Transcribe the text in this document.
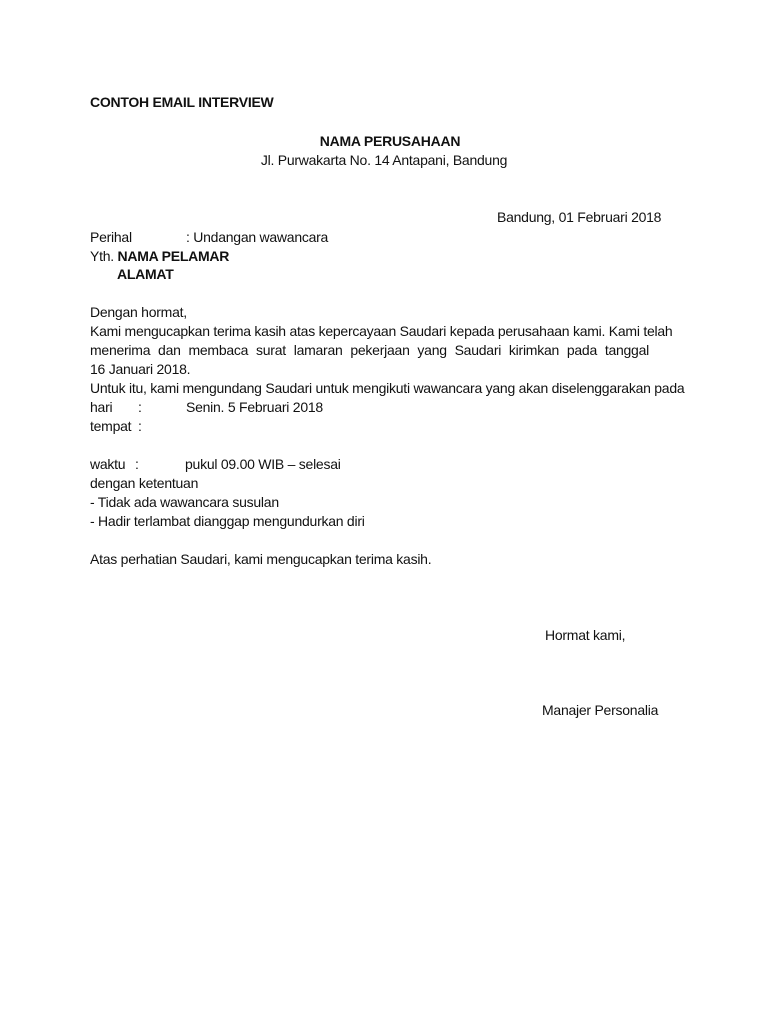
CONTOH EMAIL INTERVIEW
NAMA PERUSAHAAN
Jl. Purwakarta No. 14 Antapani, Bandung
Bandung, 01 Februari 2018
Perihal	: Undangan wawancara
Yth. NAMA PELAMAR
ALAMAT
Dengan hormat,
Kami mengucapkan terima kasih atas kepercayaan Saudari kepada perusahaan kami. Kami telah
menerima dan membaca surat lamaran pekerjaan yang Saudari kirimkan pada tanggal
16 Januari 2018.
Untuk itu, kami mengundang Saudari untuk mengikuti wawancara yang akan diselenggarakan pada
hari :	Senin. 5 Februari 2018
tempat :
waktu :	pukul 09.00 WIB – selesai
dengan ketentuan
- Tidak ada wawancara susulan
- Hadir terlambat dianggap mengundurkan diri
Atas perhatian Saudari, kami mengucapkan terima kasih.
Hormat kami,
Manajer Personalia
